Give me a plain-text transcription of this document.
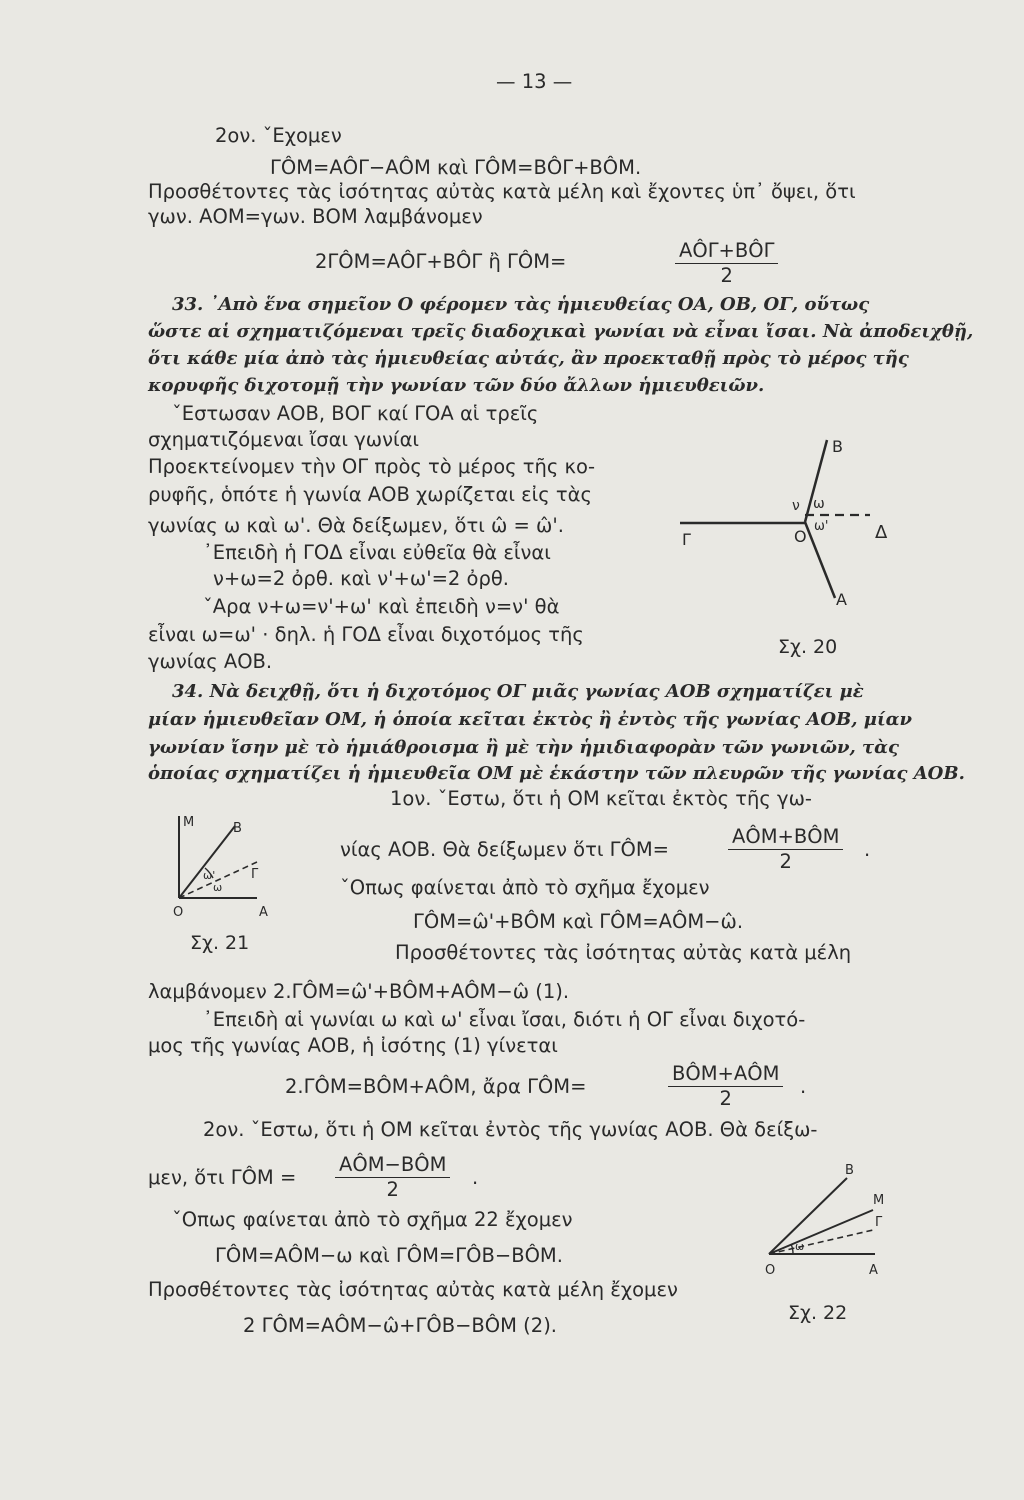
— 13 —
2ον. ˇΕχομεν
ΓÔΜ=ΑÔΓ−ΑÔΜ καὶ ΓÔΜ=ΒÔΓ+ΒÔΜ.
Προσθέτοντες τὰς ἰσότητας αὐτὰς κατὰ μέλη καὶ ἔχοντες ὑπ᾽ ὄψει, ὅτι
γων. ΑΟΜ=γων. ΒΟΜ λαμβάνομεν
2ΓÔΜ=ΑÔΓ+ΒÔΓ ἢ ΓÔΜ=	ΑÔΓ+ΒÔΓ
2
33. ᾽Απὸ ἕνα σημεῖον Ο φέρομεν τὰς ἡμιευθείας ΟΑ, ΟΒ, ΟΓ, οὕτως
ὥστε αἱ σχηματιζόμεναι τρεῖς διαδοχικαὶ γωνίαι νὰ εἶναι ἴσαι. Νὰ ἀποδειχθῇ,
ὅτι κάθε μία ἀπὸ τὰς ἡμιευθείας αὐτάς, ἂν προεκταθῇ πρὸς τὸ μέρος τῆς
κορυφῆς διχοτομῇ τὴν γωνίαν τῶν δύο ἄλλων ἡμιευθειῶν.
ˇΕστωσαν ΑΟΒ, ΒΟΓ καί ΓΟΑ αἱ τρεῖς
σχηματιζόμεναι ἴσαι γωνίαι
Προεκτείνομεν τὴν ΟΓ πρὸς τὸ μέρος τῆς κο-
ρυφῆς, ὁπότε ἡ γωνία ΑΟΒ χωρίζεται εἰς τὰς
γωνίας ω καὶ ω'. Θὰ δείξωμεν, ὅτι ω̂ = ω̂'.
᾽Επειδὴ ἡ ΓΟΔ εἶναι εὐθεῖα θὰ εἶναι
ν+ω=2 ὀρθ. καὶ ν'+ω'=2 ὀρθ.
ˇΑρα ν+ω=ν'+ω' καὶ ἐπειδὴ ν=ν' θὰ
εἶναι ω=ω' · δηλ. ἡ ΓΟΔ εἶναι διχοτόμος τῆς
γωνίας ΑΟΒ.
B
Γ	Ο	Δ
Α
ν ω
ω'
Σχ. 20
34. Νὰ δειχθῇ, ὅτι ἡ διχοτόμος ΟΓ μιᾶς γωνίας ΑΟΒ σχηματίζει μὲ
μίαν ἡμιευθεῖαν ΟΜ, ἡ ὁποία κεῖται ἐκτὸς ἢ ἐντὸς τῆς γωνίας ΑΟΒ, μίαν
γωνίαν ἴσην μὲ τὸ ἡμιάθροισμα ἢ μὲ τὴν ἡμιδιαφορὰν τῶν γωνιῶν, τὰς
ὁποίας σχηματίζει ἡ ἡμιευθεῖα ΟΜ μὲ ἑκάστην τῶν πλευρῶν τῆς γωνίας ΑΟΒ.
1ον. ˇΕστω, ὅτι ἡ ΟΜ κεῖται ἐκτὸς τῆς γω-
νίας ΑΟΒ. Θὰ δείξωμεν ὅτι ΓÔΜ=
ΑÔΜ+ΒÔΜ
2
.
ˇΟπως φαίνεται ἀπὸ τὸ σχῆμα ἔχομεν
ΓÔΜ=ω̂'+ΒÔΜ καὶ ΓÔΜ=ΑÔΜ−ω̂.
Προσθέτοντες τὰς ἰσότητας αὐτὰς κατὰ μέλη
λαμβάνομεν 2.ΓÔΜ=ω̂'+ΒÔΜ+ΑÔΜ−ω̂ (1).
᾽Επειδὴ αἱ γωνίαι ω καὶ ω' εἶναι ἴσαι, διότι ἡ ΟΓ εἶναι διχοτό-
μος τῆς γωνίας ΑΟΒ, ἡ ἰσότης (1) γίνεται
2.ΓÔΜ=ΒÔΜ+ΑÔΜ, ἄρα ΓÔΜ=
ΒÔΜ+ΑÔΜ
2
.
Μ	Β
Γ
Ο	Α
ω
ω'
Σχ. 21
2ον. ˇΕστω, ὅτι ἡ ΟΜ κεῖται ἐντὸς τῆς γωνίας ΑΟΒ. Θὰ δείξω-
μεν, ὅτι ΓÔΜ =
ΑÔΜ−ΒÔΜ
2
.
ˇΟπως φαίνεται ἀπὸ τὸ σχῆμα 22 ἔχομεν
ΓÔΜ=ΑÔΜ−ω καὶ ΓÔΜ=ΓÔΒ−ΒÔΜ.
Προσθέτοντες τὰς ἰσότητας αὐτὰς κατὰ μέλη ἔχομεν
2 ΓÔΜ=ΑÔΜ−ω̂+ΓÔΒ−ΒÔΜ (2).
Β
Μ
Γ
Ο	Α
ω
Σχ. 22
